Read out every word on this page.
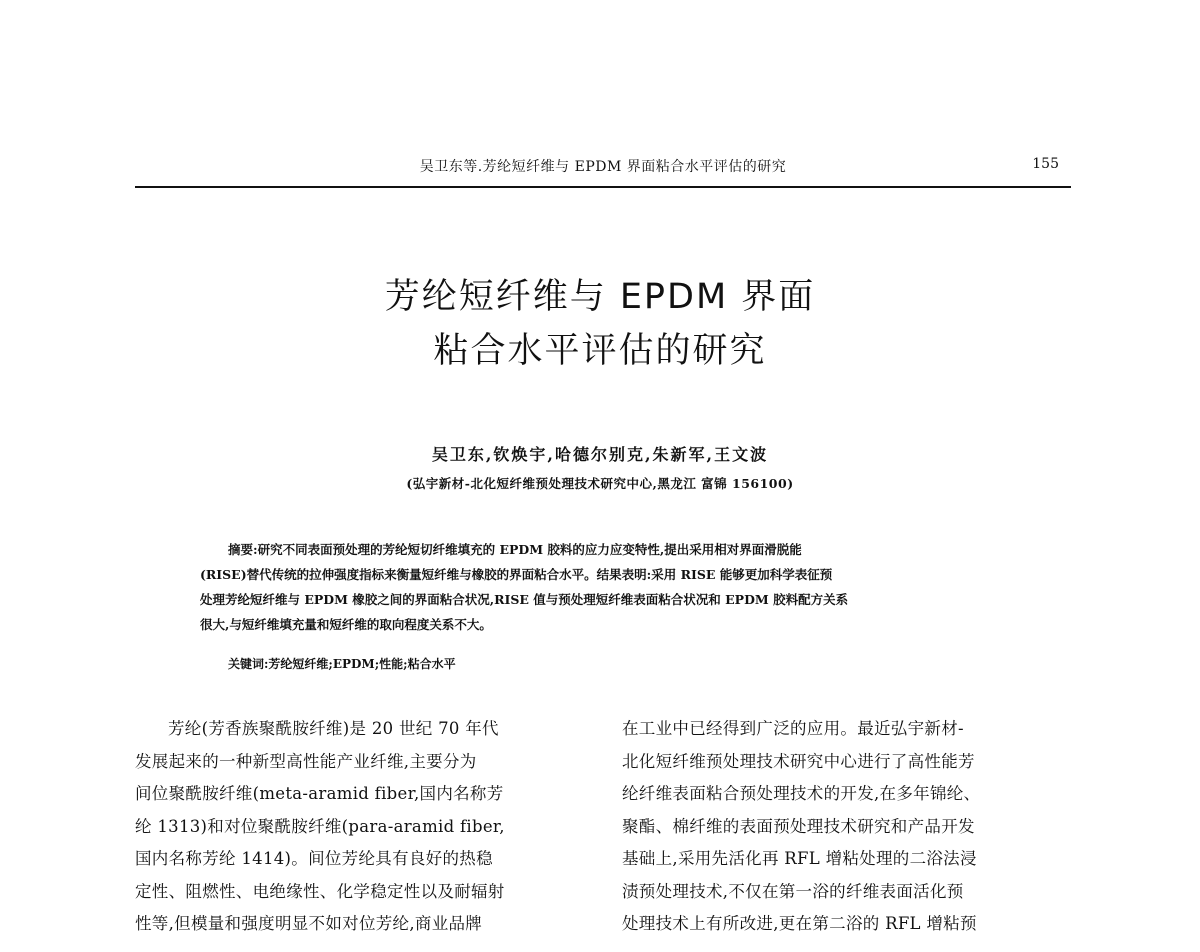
吴卫东等.芳纶短纤维与 EPDM 界面粘合水平评估的研究	155
芳纶短纤维与 EPDM 界面
粘合水平评估的研究
吴卫东,钦焕宇,哈德尔别克,朱新军,王文波
(弘宇新材-北化短纤维预处理技术研究中心,黑龙江 富锦 156100)

摘要:研究不同表面预处理的芳纶短切纤维填充的 EPDM 胶料的应力应变特性,提出采用相对界面滑脱能
(RISE)替代传统的拉伸强度指标来衡量短纤维与橡胶的界面粘合水平。结果表明:采用 RISE 能够更加科学表征预
处理芳纶短纤维与 EPDM 橡胶之间的界面粘合状况,RISE 值与预处理短纤维表面粘合状况和 EPDM 胶料配方关系
很大,与短纤维填充量和短纤维的取向程度关系不大。

关键词:芳纶短纤维;EPDM;性能;粘合水平
芳纶(芳香族聚酰胺纤维)是 20 世纪 70 年代
发展起来的一种新型高性能产业纤维,主要分为
间位聚酰胺纤维(meta-aramid fiber,国内名称芳
纶 1313)和对位聚酰胺纤维(para-aramid fiber,
国内名称芳纶 1414)。间位芳纶具有良好的热稳
定性、阻燃性、电绝缘性、化学稳定性以及耐辐射
性等,但模量和强度明显不如对位芳纶,商业品牌
在工业中已经得到广泛的应用。最近弘宇新材-
北化短纤维预处理技术研究中心进行了高性能芳
纶纤维表面粘合预处理技术的开发,在多年锦纶、
聚酯、棉纤维的表面预处理技术研究和产品开发
基础上,采用先活化再 RFL 增粘处理的二浴法浸
渍预处理技术,不仅在第一浴的纤维表面活化预
处理技术上有所改进,更在第二浴的 RFL 增粘预
